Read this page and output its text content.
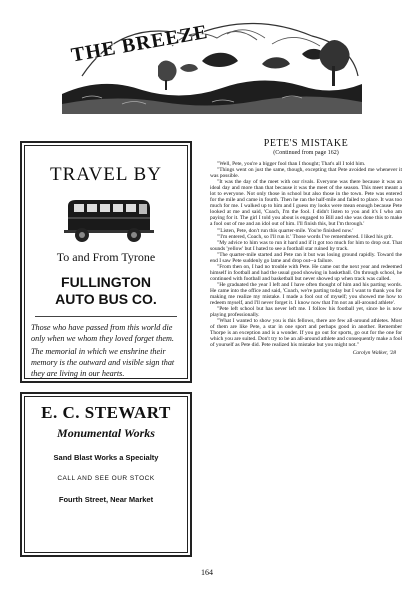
THE BREEZE
TRAVEL BY
To and From Tyrone
FULLINGTON
AUTO BUS CO.

Those who have passed from this world die only when we whom they loved forget them.

The memorial in which we enshrine their memory is the outward and visible sign that they are living in our hearts.

E. C. STEWART
Monumental Works
Sand Blast Works a Specialty
CALL AND SEE OUR STOCK
Fourth Street, Near Market
PETE'S MISTAKE
(Continued from page 162)

"Well, Pete, you're a bigger fool than I thought; That's all I told him.

"Things went on just the same, though, excepting that Pete avoided me whenever it was possible.

"It was the day of the meet with our rivals. Everyone was there because it was an ideal day and more than that because it was the meet of the season. This meet meant a lot to everyone. Not only those in school but also those in the town. Pete was entered for the mile and came in fourth. Then he ran the half-mile and failed to place. It was too much for me. I walked up to him and I guess my looks were mean enough because Pete looked at me and said, 'Coach, I'm the fool. I didn't listen to you and it's I who am paying for it. The girl I told you about is engaged to Bill and she was done this to make a fool out of me and an idol out of him. I'll finish this, but I'm through.'

"'Listen, Pete, don't run this quarter-mile. You're finished now.'

"'I'm entered, Coach, so I'll run it.' Those words I've remembered. I liked his grit.

"My advice to him was to run it hard and if it got too much for him to drop out. That sounds 'yellow' but I hated to see a football star ruined by track.

"The quarter-mile started and Pete ran it but was losing ground rapidly. Toward the end I saw Pete suddenly go lame and drop out--a failure.

"From then on, I had no trouble with Pete. He came out the next year and redeemed himself in football and had the usual good showing in basketball. On through school, he continued with football and basketball but never showed up when track was called.

"He graduated the year I left and I have often thought of him and his parting words. He came into the office and said, 'Coach, we're parting today but I want to thank you for making me realize my mistake. I made a fool out of myself; you showed me how to redeem myself, and I'll never forget it. I know now that I'm not an all-around athlete'.

"Pete left school but has never left me. I follow his football yet, since he is now playing professionally.

"What I wanted to show you is this fellows, there are few all-around athletes. Most of them are like Pete, a star in one sport and perhaps good in another. Remember Thorpe is an exception and is a wonder. If you go out for sports, go out for the one for which you are suited. Don't try to be an all-around athlete and consequently make a fool of yourself as Pete did. Pete realized his mistake but you might not."

Carolyn Walker, '28
164
